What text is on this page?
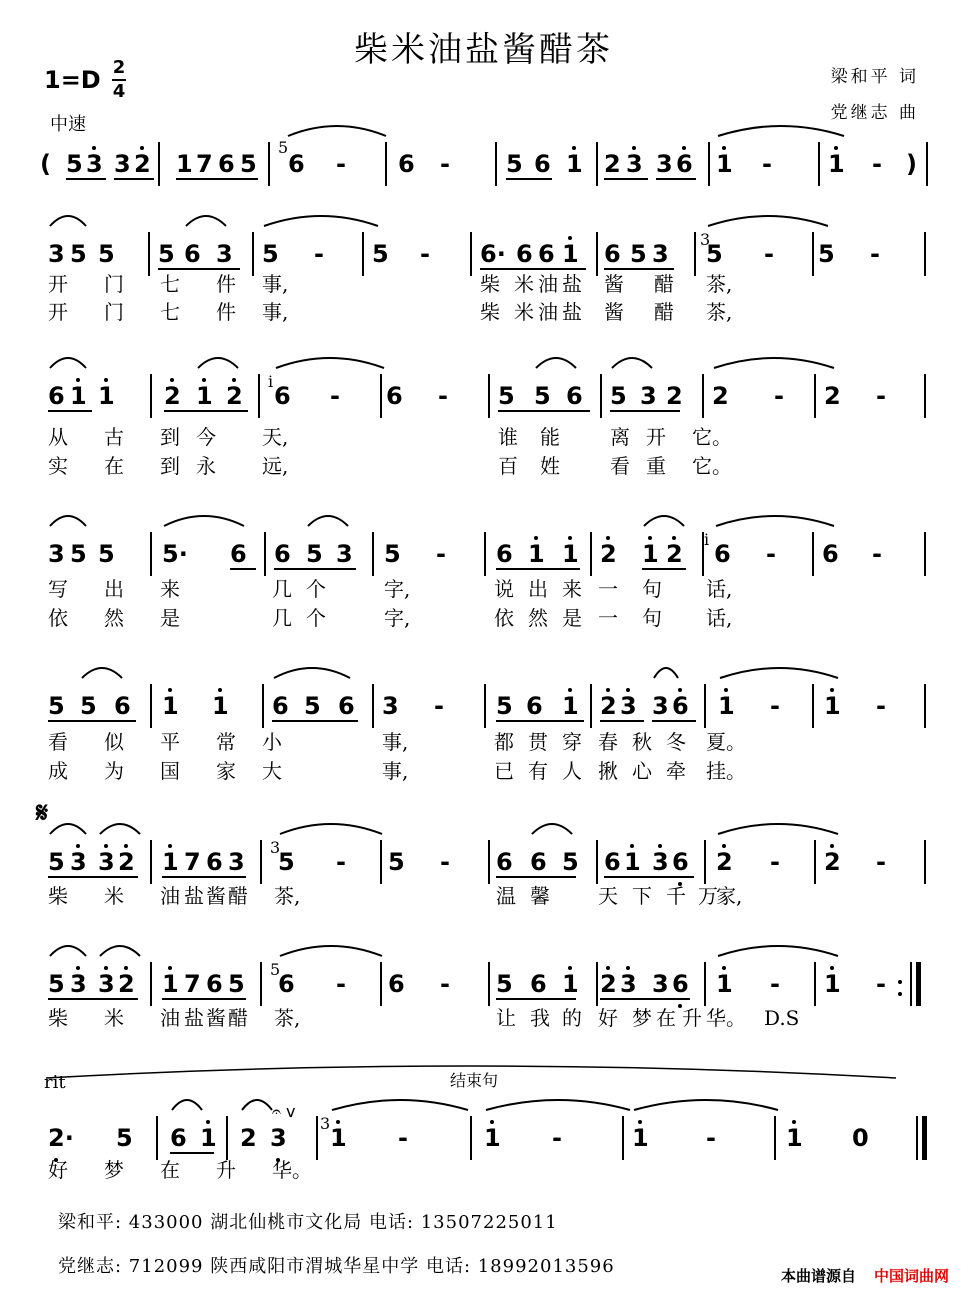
柴米油盐酱醋茶
1=D 2
4
中速
梁和平 词
党继志 曲
( 5 3 3 2 1 7 6 5 6 - 6 - 5 6 1 2 3 3 6 1 - 1 - )
5
3 5 5 5 6 3 5 - 5 - 6· 6 6 1 6 5 3 5 - 5 -
3
开 门 七 件 事,	柴 米 油 盐 酱 醋 茶,
开 门 七 件 事,	柴 米 油 盐 酱 醋 茶,
6 1 1 2 1 2 6 - 6 - 5 5 6 5 3 2 2 - 2 -
i
从 古 到 今 天,	谁 能	离 开 它。
实 在 到 永 远,	百 姓	看 重 它。
3 5 5 5· 6 6 5 3 5 - 6 1 1 2 1 2 6 - 6 -
i
写 出 来	几 个	字,	说 出 来 一 句 话,
依 然 是	几 个	字,	依 然 是 一 句 话,
5 5 6 1 1 6 5 6 3 - 5 6 1 2 3 3 6 1 - 1 -
看 似 平 常 小	事,	都 贯 穿 春 秋 冬 夏。
成 为 国 家 大	事,	已 有 人 揪 心 牵 挂。
𝄋
5 3 3 2 1 7 6 3 5 - 5 - 6 6 5 6 1 3 6 2 - 2 -
3
柴 米 油 盐 酱 醋 茶,	温 馨 天 下 千 万
家,
5 3 3 2 1 7 6 5 6 - 6 - 5 6 1 2 3 3 6 1 - 1 -
5
柴 米 油 盐 酱 醋 茶,	让 我 的 好 梦 在 升 华。 D.S
rit	结束句
2· 5 6 1 2 3 1 -	1 -	1 -	1 0
3
𝄐 v
好 梦 在 升 华。
梁和平: 433000 湖北仙桃市文化局 电话: 13507225011
党继志: 712099 陕西咸阳市渭城华星中学 电话: 18992013596	本曲谱源自 中国词曲网
